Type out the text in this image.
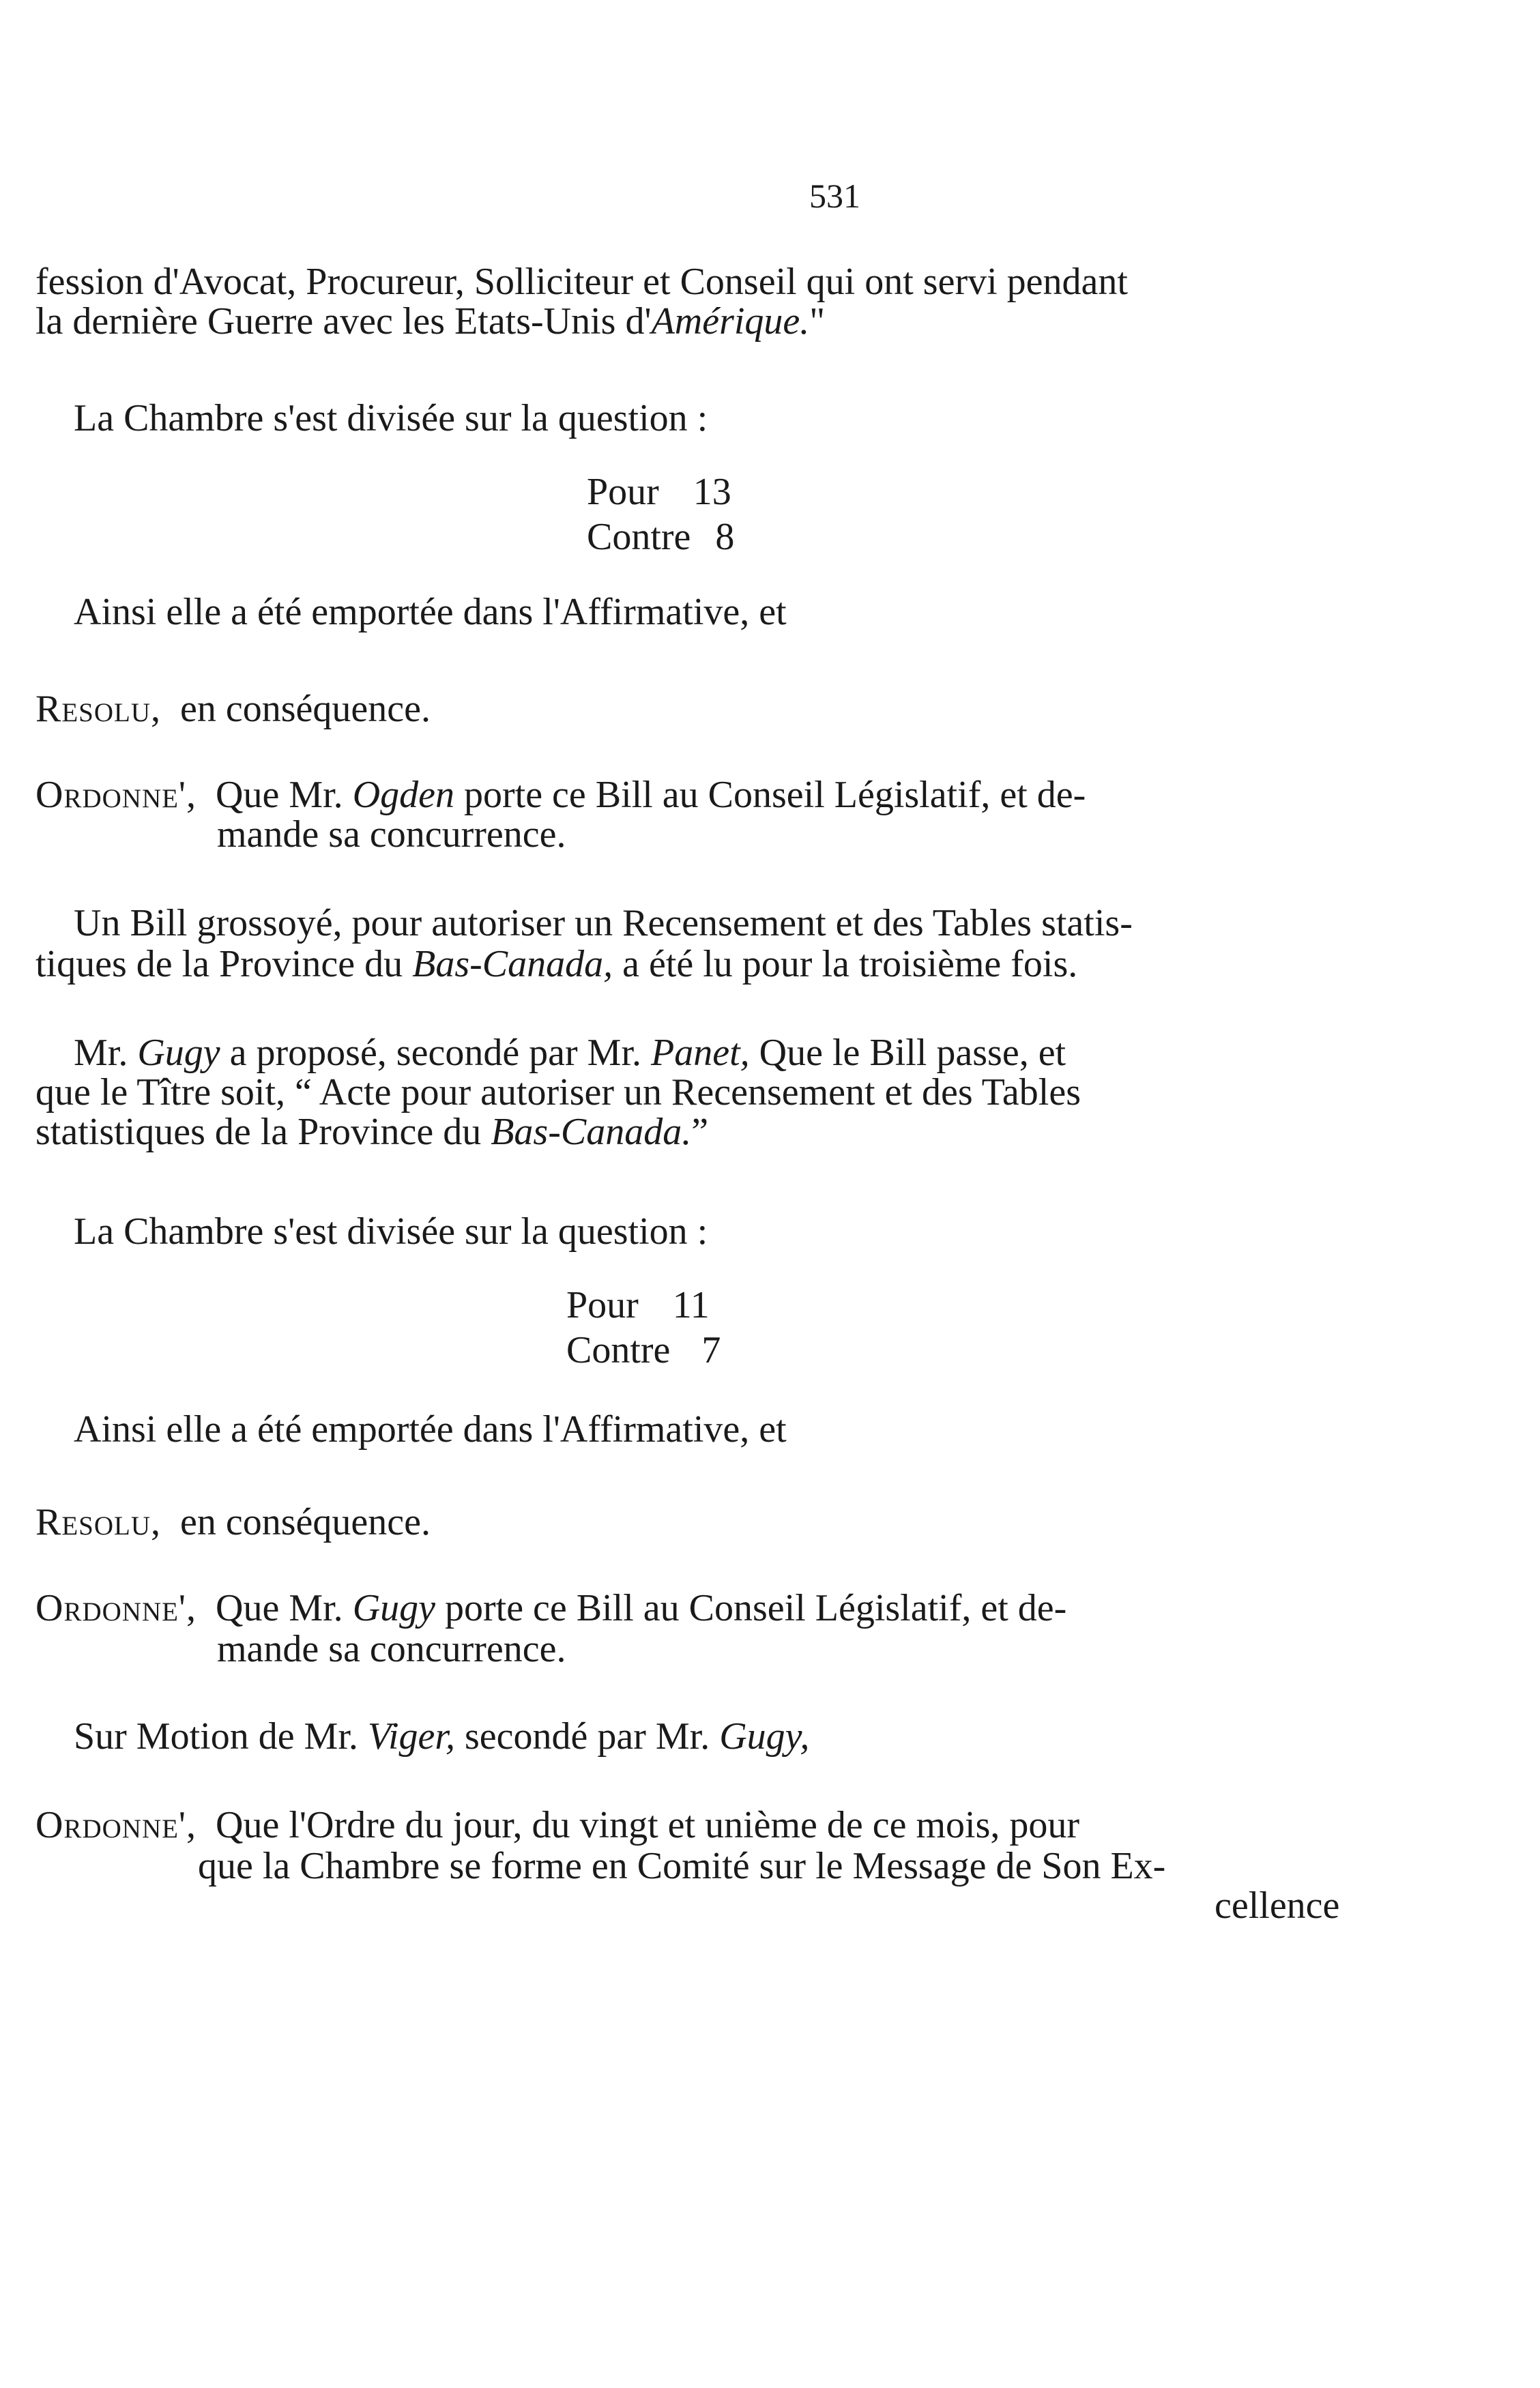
531
fession d'Avocat, Procureur, Solliciteur et Conseil qui ont servi pendant
la dernière Guerre avec les Etats-Unis d'Amérique."
La Chambre s'est divisée sur la question :
Pour 13
Contre 8
Ainsi elle a été emportée dans l'Affirmative, et
Resolu, en conséquence.
Ordonne', Que Mr. Ogden porte ce Bill au Conseil Législatif, et de-
mande sa concurrence.
Un Bill grossoyé, pour autoriser un Recensement et des Tables statis-
tiques de la Province du Bas-Canada, a été lu pour la troisième fois.
Mr. Gugy a proposé, secondé par Mr. Panet, Que le Bill passe, et
que le Tître soit, “ Acte pour autoriser un Recensement et des Tables
statistiques de la Province du Bas-Canada.”
La Chambre s'est divisée sur la question :
Pour 11
Contre 7
Ainsi elle a été emportée dans l'Affirmative, et
Resolu, en conséquence.
Ordonne', Que Mr. Gugy porte ce Bill au Conseil Législatif, et de-
mande sa concurrence.
Sur Motion de Mr. Viger, secondé par Mr. Gugy,
Ordonne', Que l'Ordre du jour, du vingt et unième de ce mois, pour
que la Chambre se forme en Comité sur le Message de Son Ex-
cellence
